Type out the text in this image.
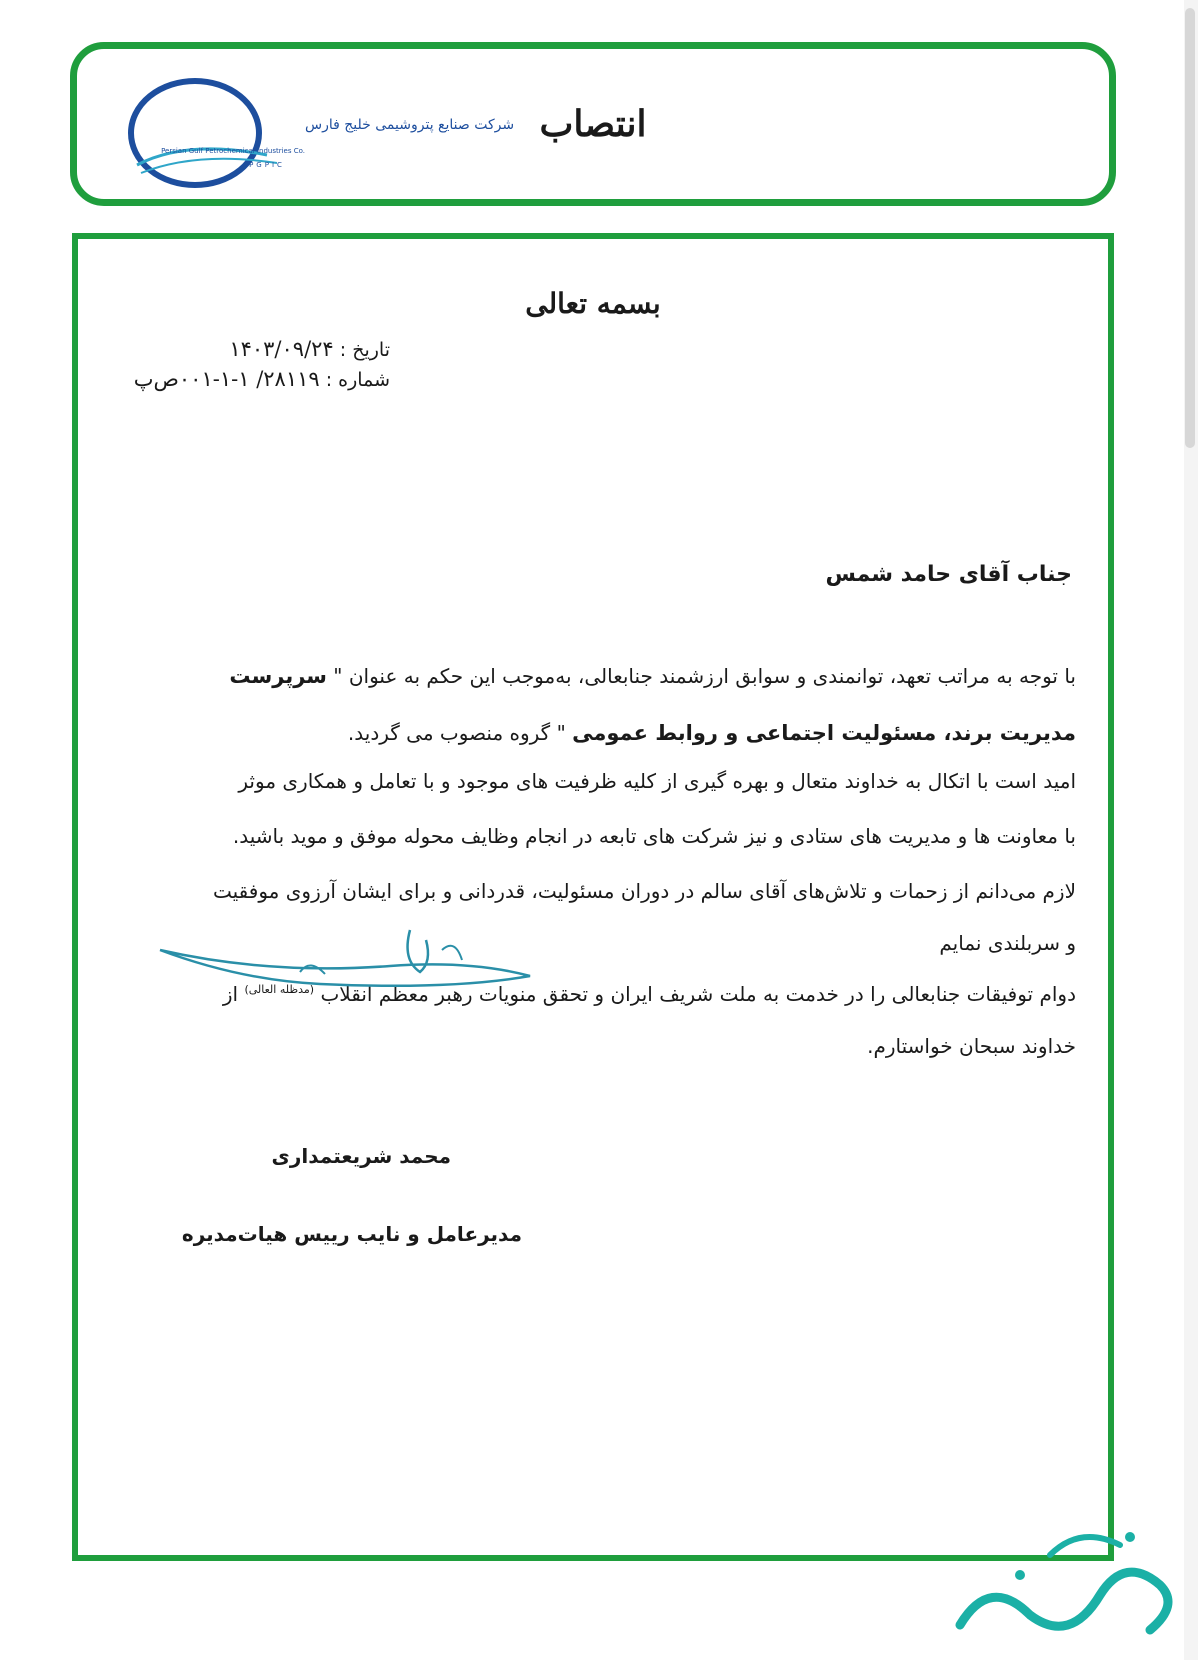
شرکت صنایع پتروشیمی خلیج فارس
Persian Gulf Petrochemical Industries Co.
PGPIC
انتصاب
بسمه تعالی
تاریخ : ۱۴۰۳/۰۹/۲۴
شماره : ۲۸۱۱۹/ ۱-۱-۰۰۱ص‌پ
جناب آقای حامد شمس
با توجه به مراتب تعهد، توانمندی و سوابق ارزشمند جنابعالی، به‌موجب این حکم به عنوان " سرپرست
مدیریت برند، مسئولیت اجتماعی و روابط عمومی " گروه منصوب می گردید.
امید است با اتکال به خداوند متعال و بهره گیری از کلیه ظرفیت های موجود و با تعامل و همکاری موثر
با معاونت ها و مدیریت های ستادی و نیز شرکت های تابعه در انجام وظایف محوله موفق و موید باشید.
لازم می‌دانم از زحمات و تلاش‌های آقای سالم در دوران مسئولیت، قدردانی و برای ایشان آرزوی موفقیت
و سربلندی نمایم
دوام توفیقات جنابعالی را در خدمت به ملت شریف ایران و تحقق منویات رهبر معظم انقلاب $^{(مدظله العالی)}$ از
خداوند سبحان خواستارم.
محمد شریعتمداری
مدیرعامل و نایب رییس هیات‌مدیره
